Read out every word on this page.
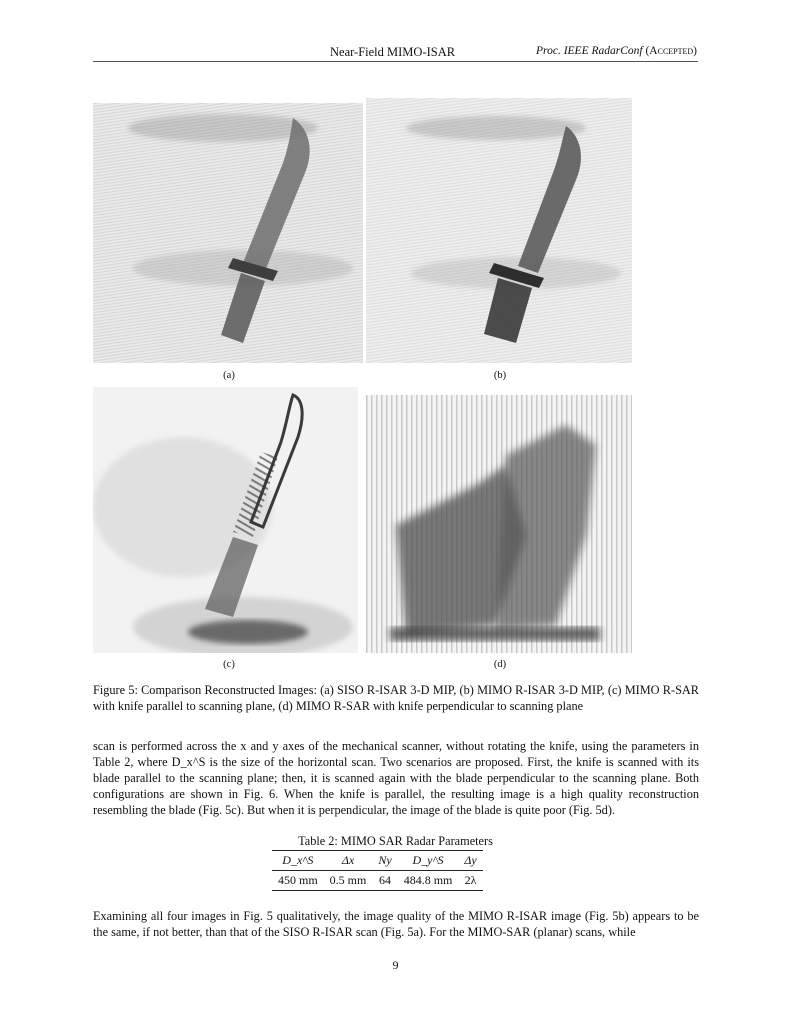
Near-Field MIMO-ISAR	Proc. IEEE RadarConf (Accepted)
(a)	(b)
(c)	(d)
Figure 5: Comparison Reconstructed Images: (a) SISO R-ISAR 3-D MIP, (b) MIMO R-ISAR 3-D MIP, (c) MIMO R-SAR with knife parallel to scanning plane, (d) MIMO R-SAR with knife perpendicular to scanning plane
scan is performed across the x and y axes of the mechanical scanner, without rotating the knife, using the parameters in Table 2, where D_x^S is the size of the horizontal scan. Two scenarios are proposed. First, the knife is scanned with its blade parallel to the scanning plane; then, it is scanned again with the blade perpendicular to the scanning plane. Both configurations are shown in Fig. 6. When the knife is parallel, the resulting image is a high quality reconstruction resembling the blade (Fig. 5c). But when it is perpendicular, the image of the blade is quite poor (Fig. 5d).
Table 2: MIMO SAR Radar Parameters
D_x^S	Δx	Ny	D_y^S	Δy
450 mm	0.5 mm	64	484.8 mm	2λ
Examining all four images in Fig. 5 qualitatively, the image quality of the MIMO R-ISAR image (Fig. 5b) appears to be the same, if not better, than that of the SISO R-ISAR scan (Fig. 5a). For the MIMO-SAR (planar) scans, while
9
